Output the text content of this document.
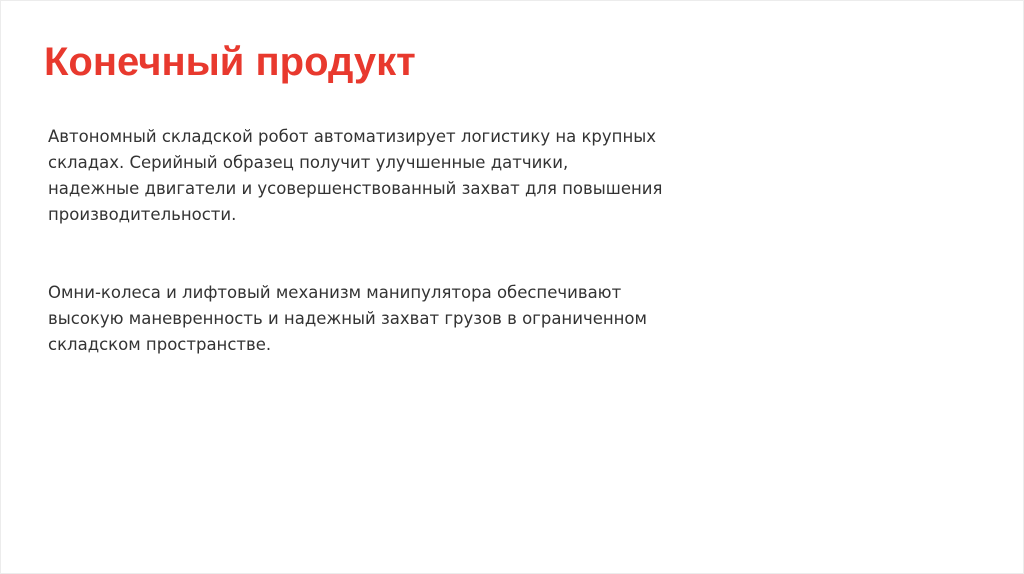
Конечный продукт

Автономный складской робот автоматизирует логистику на крупных
складах. Серийный образец получит улучшенные датчики,
надежные двигатели и усовершенствованный захват для повышения
производительности.

Омни-колеса и лифтовый механизм манипулятора обеспечивают
высокую маневренность и надежный захват грузов в ограниченном
складском пространстве.
